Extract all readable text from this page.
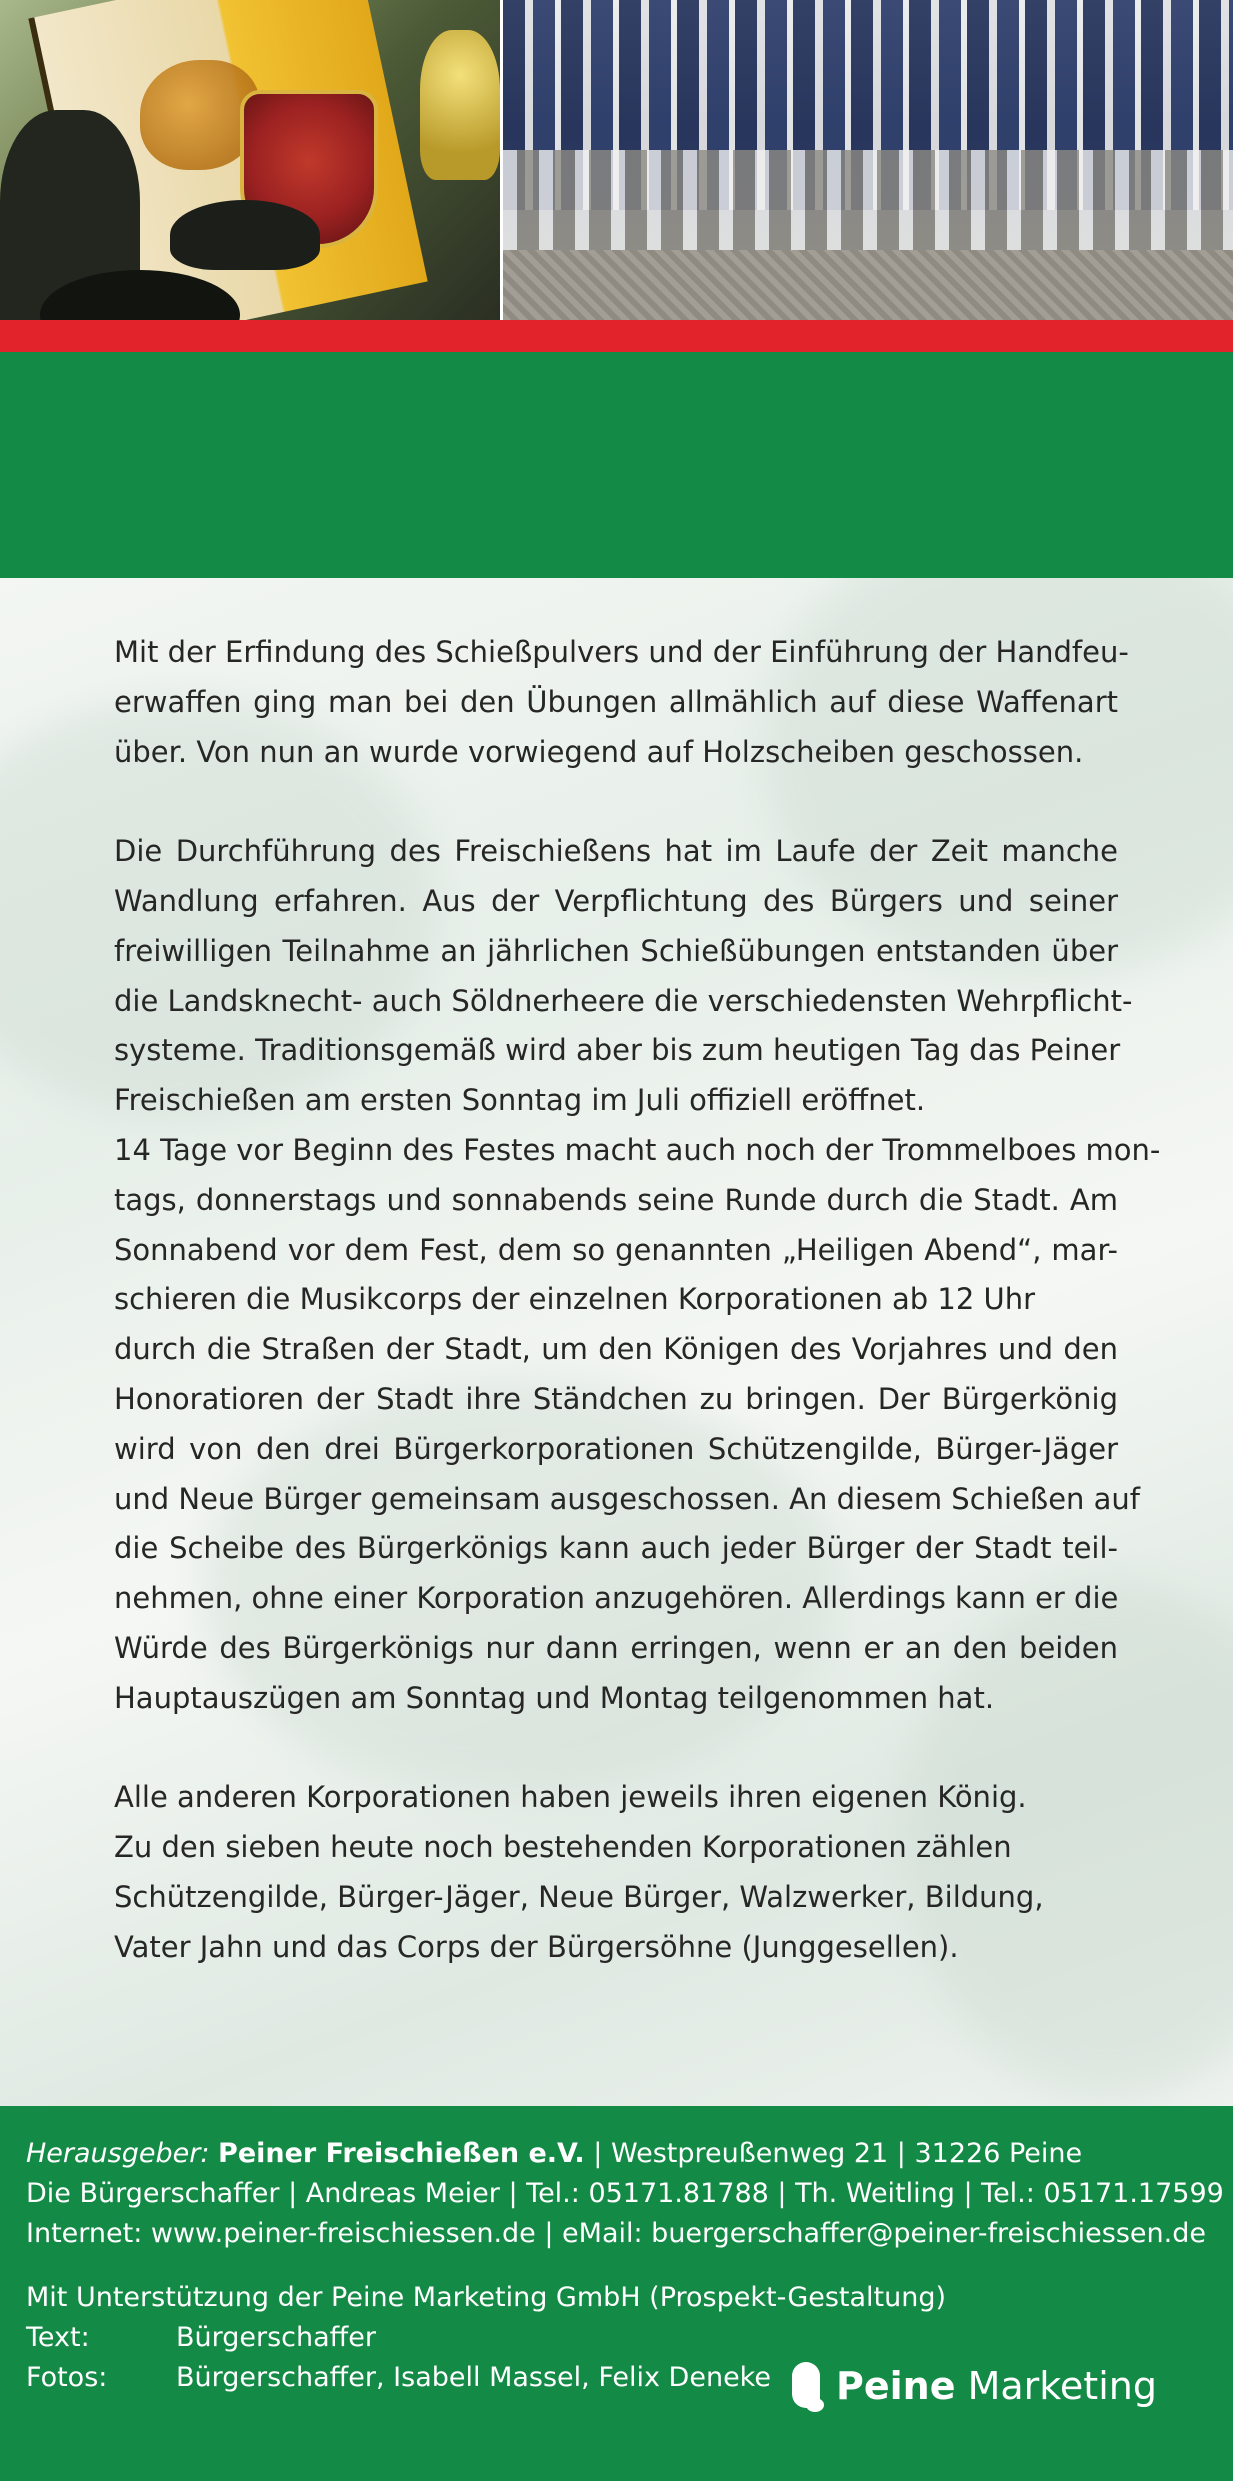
Mit der Erfindung des Schießpulvers und der Einführung der Handfeu-
erwaffen ging man bei den Übungen allmählich auf diese Waffenart
über. Von nun an wurde vorwiegend auf Holzscheiben geschossen.
Die Durchführung des Freischießens hat im Laufe der Zeit manche
Wandlung erfahren. Aus der Verpflichtung des Bürgers und seiner
freiwilligen Teilnahme an jährlichen Schießübungen entstanden über
die Landsknecht- auch Söldnerheere die verschiedensten Wehrpflicht-
systeme. Traditionsgemäß wird aber bis zum heutigen Tag das Peiner
Freischießen am ersten Sonntag im Juli offiziell eröffnet.
14 Tage vor Beginn des Festes macht auch noch der Trommelboes mon-
tags, donnerstags und sonnabends seine Runde durch die Stadt. Am
Sonnabend vor dem Fest, dem so genannten „Heiligen Abend“, mar-
schieren die Musikcorps der einzelnen Korporationen ab 12 Uhr
durch die Straßen der Stadt, um den Königen des Vorjahres und den
Honoratioren der Stadt ihre Ständchen zu bringen. Der Bürgerkönig
wird von den drei Bürgerkorporationen Schützengilde, Bürger-Jäger
und Neue Bürger gemeinsam ausgeschossen. An diesem Schießen auf
die Scheibe des Bürgerkönigs kann auch jeder Bürger der Stadt teil-
nehmen, ohne einer Korporation anzugehören. Allerdings kann er die
Würde des Bürgerkönigs nur dann erringen, wenn er an den beiden
Hauptauszügen am Sonntag und Montag teilgenommen hat.
Alle anderen Korporationen haben jeweils ihren eigenen König.
Zu den sieben heute noch bestehenden Korporationen zählen
Schützengilde, Bürger-Jäger, Neue Bürger, Walzwerker, Bildung,
Vater Jahn und das Corps der Bürgersöhne (Junggesellen).
Herausgeber: Peiner Freischießen e.V. | Westpreußenweg 21 | 31226 Peine
Die Bürgerschaffer | Andreas Meier | Tel.: 05171.81788 | Th. Weitling | Tel.: 05171.17599
Internet: www.peiner-freischiessen.de | eMail: buergerschaffer@peiner-freischiessen.de
Mit Unterstützung der Peine Marketing GmbH (Prospekt-Gestaltung)
Text:	Bürgerschaffer
Fotos:	Bürgerschaffer, Isabell Massel, Felix Deneke Peine Marketing
